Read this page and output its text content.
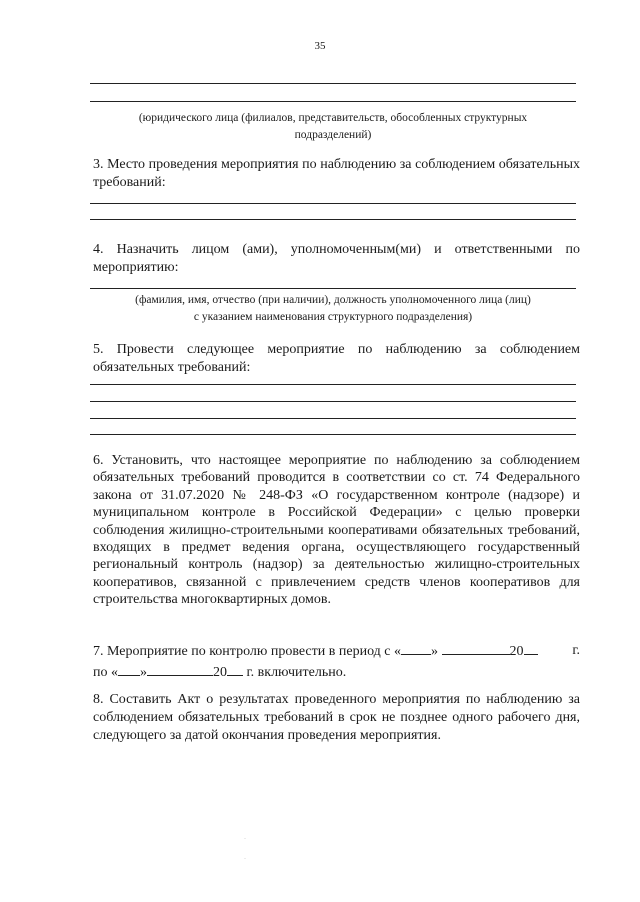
35
(юридического лица (филиалов, представительств, обособленных структурных
подразделений)
3. Место проведения мероприятия по наблюдению за соблюдением обязательных требований:
4. Назначить лицом (ами), уполномоченным(ми) и ответственными по мероприятию:
(фамилия, имя, отчество (при наличии), должность уполномоченного лица (лиц)
с указанием наименования структурного подразделения)
5. Провести следующее мероприятие по наблюдению за соблюдением обязательных требований:
6. Установить, что настоящее мероприятие по наблюдению за соблюдением обязательных требований проводится в соответствии со ст. 74 Федерального закона от 31.07.2020 № 248-ФЗ «О государственном контроле (надзоре) и муниципальном контроле в Российской Федерации» с целью проверки соблюдения жилищно-строительными кооперативами обязательных требований, входящих в предмет ведения органа, осуществляющего государственный региональный контроль (надзор) за деятельностью жилищно-строительных кооперативов, связанной с привлечением средств членов кооперативов для строительства многоквартирных домов.
7. Мероприятие по контролю провести в период с « »	20	г.
по « »	20 г. включительно.
8. Составить Акт о результатах проведенного мероприятия по наблюдению за соблюдением обязательных требований в срок не позднее одного рабочего дня, следующего за датой окончания проведения мероприятия.
.
.
